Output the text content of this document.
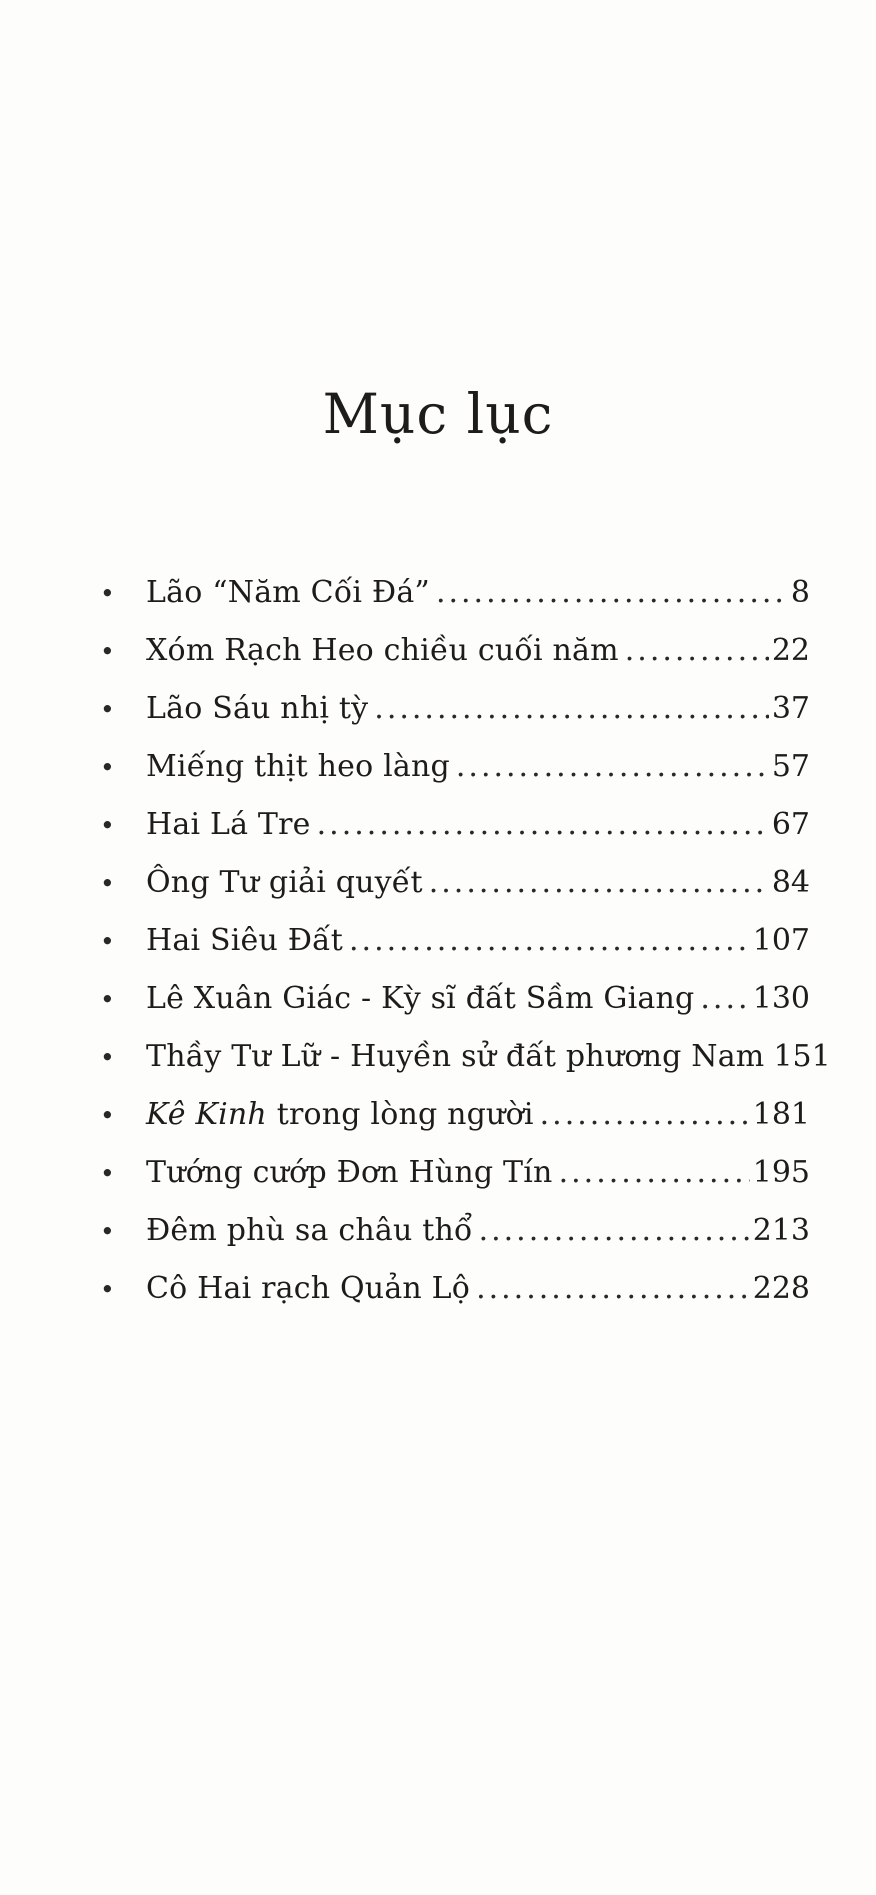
Mục lục
•	Lão “Năm Cối Đá” .....	8
•	Xóm Rạch Heo chiều cuối năm .....	22
•	Lão Sáu nhị tỳ .....	37
•	Miếng thịt heo làng .....	57
•	Hai Lá Tre .....	67
•	Ông Tư giải quyết .....	84
•	Hai Siêu Đất .....	107
•	Lê Xuân Giác - Kỳ sĩ đất Sầm Giang ..... 130
•	Thầy Tư Lữ - Huyền sử đất phương Nam 151
•	Kê Kinh trong lòng người .....	181
•	Tướng cướp Đơn Hùng Tín .....	195
•	Đêm phù sa châu thổ .....	213
•	Cô Hai rạch Quản Lộ .....	228
